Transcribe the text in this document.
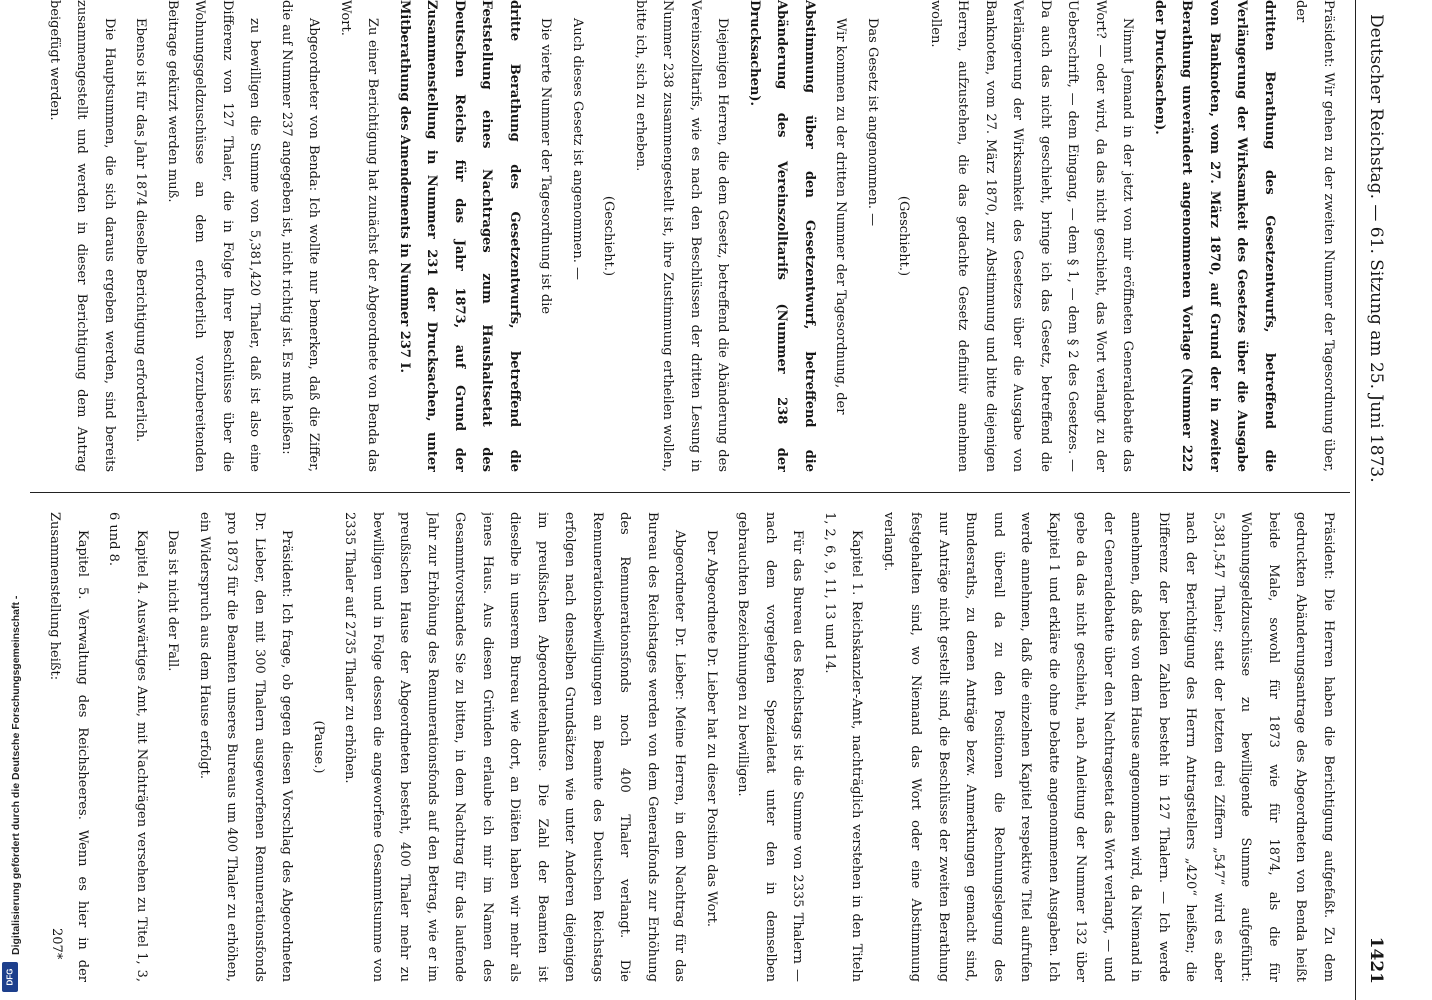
Digitalisierung gefördert durch die Deutsche Forschungsgemeinschaft -
DFG
Deutscher Reichstag. — 61. Sitzung am 25. Juni 1873.
1421

Präsident: Wir gehen zu der zweiten Nummer der Tagesordnung über, der

dritten Berathung des Gesetzentwurfs, betreffend die Verlängerung der Wirksamkeit des Gesetzes über die Ausgabe von Banknoten, vom 27. März 1870, auf Grund der in zweiter Berathung unverändert angenommenen Vorlage (Nummer 222 der Drucksachen).

Nimmt Jemand in der jetzt von mir eröffneten Generaldebatte das Wort? — oder wird, da das nicht geschieht, das Wort verlangt zu der Ueberschrift, — dem Eingang, — dem § 1, — dem § 2 des Gesetzes. — Da auch das nicht geschieht, bringe ich das Gesetz, betreffend die Verlängerung der Wirksamkeit des Gesetzes über die Ausgabe von Banknoten, vom 27. März 1870, zur Abstimmung und bitte diejenigen Herren, aufzustehen, die das gedachte Gesetz definitiv annehmen wollen.

(Geschieht.)

Das Gesetz ist angenommen. —

Wir kommen zu der dritten Nummer der Tagesordnung, der

Abstimmung über den Gesetzentwurf, betreffend die Abänderung des Vereinszolltarifs (Nummer 238 der Drucksachen).

Diejenigen Herren, die dem Gesetz, betreffend die Abänderung des Vereinszolltarifs, wie es nach den Beschlüssen der dritten Lesung in Nummer 238 zusammengestellt ist, ihre Zustimmung ertheilen wollen, bitte ich, sich zu erheben.

(Geschieht.)

Auch dieses Gesetz ist angenommen. —

Die vierte Nummer der Tagesordnung ist die

dritte Berathung des Gesetzentwurfs, betreffend die Feststellung eines Nachtrages zum Haushaltsetat des Deutschen Reichs für das Jahr 1873, auf Grund der Zusammenstellung in Nummer 231 der Drucksachen, unter Mitberathung des Amendements in Nummer 237 I.

Zu einer Berichtigung hat zunächst der Abgeordnete von Benda das Wort.

Abgeordneter von Benda: Ich wollte nur bemerken, daß die Ziffer, die auf Nummer 237 angegeben ist, nicht richtig ist. Es muß heißen:

zu bewilligen die Summe von 5,381,420 Thaler, daß ist also eine Differenz von 127 Thaler, die in Folge Ihrer Beschlüsse über die Wohnungsgeldzuschüsse an dem erforderlich vorzubereitenden Beitrage gekürzt werden muß.

Ebenso ist für das Jahr 1874 dieselbe Berichtigung erforderlich.

Die Hauptsummen, die sich daraus ergeben werden, sind bereits zusammengestellt und werden in dieser Berichtigung dem Antrag beigefügt werden.

Präsident: Die Herren haben die Berichtigung aufgefaßt. Zu dem gedruckten Abänderungsantrage des Abgeordneten von Benda heißt beide Male, sowohl für 1873 wie für 1874, als die für Wohnungsgeldzuschüsse zu bewilligende Summe aufgeführt: 5,381,547 Thaler; statt der letzten drei Ziffern „547“ wird es aber nach der Berichtigung des Herrn Antragstellers „420“ heißen; die Differenz der beiden Zahlen besteht in 127 Thalern. — Ich werde annehmen, daß das von dem Hause angenommen wird, da Niemand in der Generaldebatte über den Nachtragsetat das Wort verlangt, — und gebe da das nicht geschieht, nach Anleitung der Nummer 132 über Kapitel 1 und erkläre die ohne Debatte angenommenen Ausgaben. Ich werde annehmen, daß die einzelnen Kapitel respektive Titel aufrufen und überall da zu den Positionen die Rechnungslegung des Bundesraths, zu denen Anträge bezw. Anmerkungen gemacht sind, nur Anträge nicht gestellt sind, die Beschlüsse der zweiten Berathung festgehalten sind, wo Niemand das Wort oder eine Abstimmung verlangt.

Kapitel 1. Reichskanzler-Amt, nachträglich verstehen in den Titeln 1, 2, 6, 9, 11, 13 und 14.

Für das Bureau des Reichstags ist die Summe von 2335 Thalern — nach dem vorgelegten Spezialetat unter den in demselben gebrauchten Bezeichnungen zu bewilligen.

Der Abgeordnete Dr. Lieber hat zu dieser Position das Wort.

Abgeordneter Dr. Lieber: Meine Herren, in dem Nachtrag für das Bureau des Reichstages werden von dem Generalfonds zur Erhöhung des Remunerationsfonds noch 400 Thaler verlangt. Die Remunerationsbewilligungen an Beamte des Deutschen Reichstags erfolgen nach denselben Grundsätzen wie unter Anderen diejenigen im preußischen Abgeordnetenhause. Die Zahl der Beamten ist dieselbe in unserem Bureau wie dort, an Diäten haben wir mehr als jenes Haus. Aus diesen Gründen erlaube ich mir im Namen des Gesammtvorstandes Sie zu bitten, in dem Nachtrag für das laufende Jahr zur Erhöhung des Remunerationsfonds auf den Betrag, wie er im preußischen Hause der Abgeordneten besteht, 400 Thaler mehr zu bewilligen und in Folge dessen die angeworfene Gesammtsumme von 2335 Thaler auf 2735 Thaler zu erhöhen.

(Pause.)

Präsident: Ich frage, ob gegen diesen Vorschlag des Abgeordneten Dr. Lieber, den mit 300 Thalern ausgeworfenen Remunerationsfonds pro 1873 für die Beamten unseres Bureaus um 400 Thaler zu erhöhen, ein Widerspruch aus dem Hause erfolgt.

Das ist nicht der Fall.

Kapitel 4. Auswärtiges Amt, mit Nachträgen versehen zu Titel 1, 3, 6 und 8.

Kapitel 5. Verwaltung des Reichsheeres. Wenn es hier in der Zusammenstellung heißt:

207*
